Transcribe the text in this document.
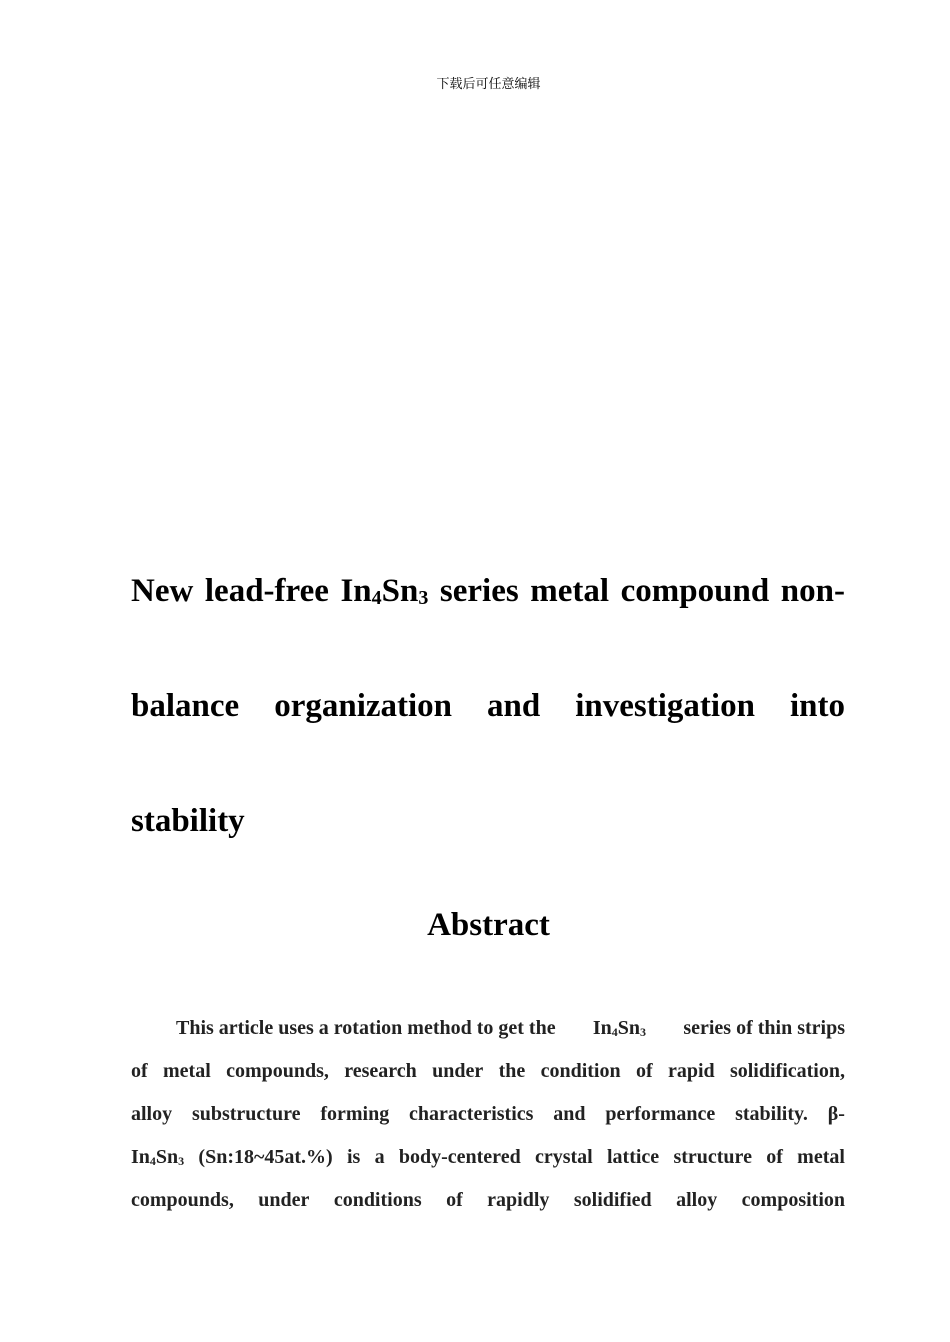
下载后可任意编辑
New lead-free $In_4Sn_3$ series metal compound non-
balance organization and investigation into
stability
Abstract
This article uses a rotation method to get the $In_4Sn_3$ series of thin strips
of metal compounds, research under the condition of rapid solidification,
alloy substructure forming characteristics and performance stability. β-
$In_4Sn_3$ (Sn:18~45at.%) is a body-centered crystal lattice structure of metal
compounds, under conditions of rapidly solidified alloy composition
